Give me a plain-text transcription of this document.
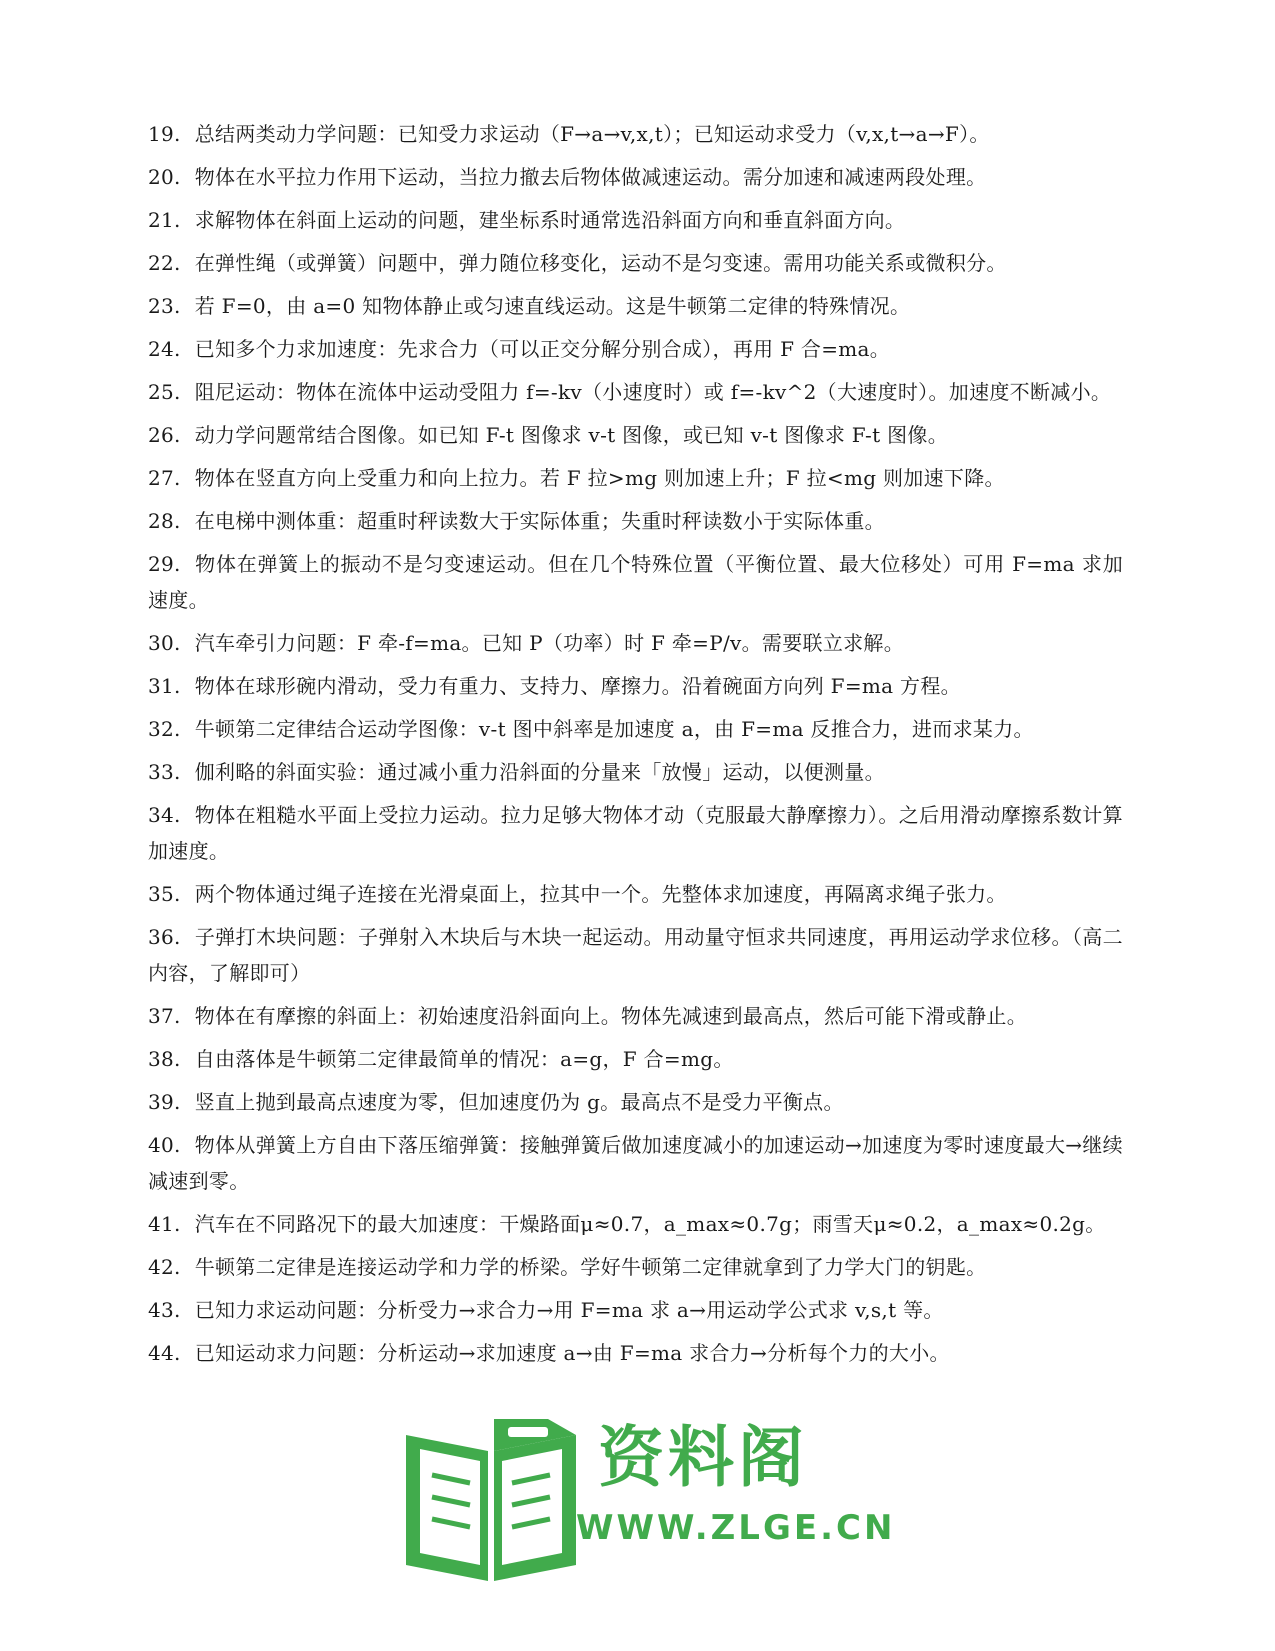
19. 总结两类动力学问题：已知受力求运动（F→a→v,x,t）；已知运动求受力（v,x,t→a→F）。
20. 物体在水平拉力作用下运动，当拉力撤去后物体做减速运动。需分加速和减速两段处理。
21. 求解物体在斜面上运动的问题，建坐标系时通常选沿斜面方向和垂直斜面方向。
22. 在弹性绳（或弹簧）问题中，弹力随位移变化，运动不是匀变速。需用功能关系或微积分。
23. 若 F=0，由 a=0 知物体静止或匀速直线运动。这是牛顿第二定律的特殊情况。
24. 已知多个力求加速度：先求合力（可以正交分解分别合成），再用 F 合=ma。
25. 阻尼运动：物体在流体中运动受阻力 f=-kv（小速度时）或 f=-kv^2（大速度时）。加速度不断减小。
26. 动力学问题常结合图像。如已知 F-t 图像求 v-t 图像，或已知 v-t 图像求 F-t 图像。
27. 物体在竖直方向上受重力和向上拉力。若 F 拉>mg 则加速上升；F 拉<mg 则加速下降。
28. 在电梯中测体重：超重时秤读数大于实际体重；失重时秤读数小于实际体重。
29. 物体在弹簧上的振动不是匀变速运动。但在几个特殊位置（平衡位置、最大位移处）可用 F=ma 求加速度。
30. 汽车牵引力问题：F 牵-f=ma。已知 P（功率）时 F 牵=P/v。需要联立求解。
31. 物体在球形碗内滑动，受力有重力、支持力、摩擦力。沿着碗面方向列 F=ma 方程。
32. 牛顿第二定律结合运动学图像：v-t 图中斜率是加速度 a，由 F=ma 反推合力，进而求某力。
33. 伽利略的斜面实验：通过减小重力沿斜面的分量来「放慢」运动，以便测量。
34. 物体在粗糙水平面上受拉力运动。拉力足够大物体才动（克服最大静摩擦力）。之后用滑动摩擦系数计算加速度。
35. 两个物体通过绳子连接在光滑桌面上，拉其中一个。先整体求加速度，再隔离求绳子张力。
36. 子弹打木块问题：子弹射入木块后与木块一起运动。用动量守恒求共同速度，再用运动学求位移。（高二内容，了解即可）
37. 物体在有摩擦的斜面上：初始速度沿斜面向上。物体先减速到最高点，然后可能下滑或静止。
38. 自由落体是牛顿第二定律最简单的情况：a=g，F 合=mg。
39. 竖直上抛到最高点速度为零，但加速度仍为 g。最高点不是受力平衡点。
40. 物体从弹簧上方自由下落压缩弹簧：接触弹簧后做加速度减小的加速运动→加速度为零时速度最大→继续减速到零。
41. 汽车在不同路况下的最大加速度：干燥路面μ≈0.7，a_max≈0.7g；雨雪天μ≈0.2，a_max≈0.2g。
42. 牛顿第二定律是连接运动学和力学的桥梁。学好牛顿第二定律就拿到了力学大门的钥匙。
43. 已知力求运动问题：分析受力→求合力→用 F=ma 求 a→用运动学公式求 v,s,t 等。
44. 已知运动求力问题：分析运动→求加速度 a→由 F=ma 求合力→分析每个力的大小。
资料阁
WWW.ZLGE.CN
